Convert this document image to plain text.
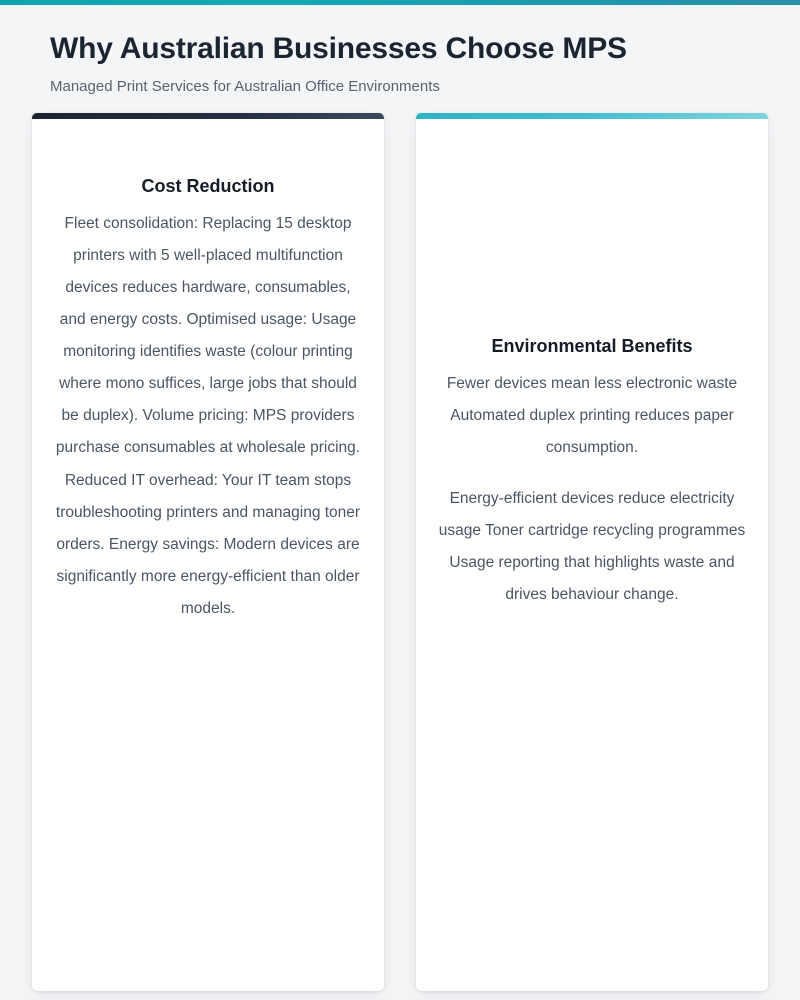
Why Australian Businesses Choose MPS

Managed Print Services for Australian Office Environments

Cost Reduction

Fleet consolidation: Replacing 15 desktop printers with 5 well-placed multifunction devices reduces hardware, consumables, and energy costs. Optimised usage: Usage monitoring identifies waste (colour printing where mono suffices, large jobs that should be duplex). Volume pricing: MPS providers purchase consumables at wholesale pricing. Reduced IT overhead: Your IT team stops troubleshooting printers and managing toner orders. Energy savings: Modern devices are significantly more energy-efficient than older models.

Environmental Benefits

Fewer devices mean less electronic waste Automated duplex printing reduces paper consumption.

Energy-efficient devices reduce electricity usage Toner cartridge recycling programmes Usage reporting that highlights waste and drives behaviour change.
